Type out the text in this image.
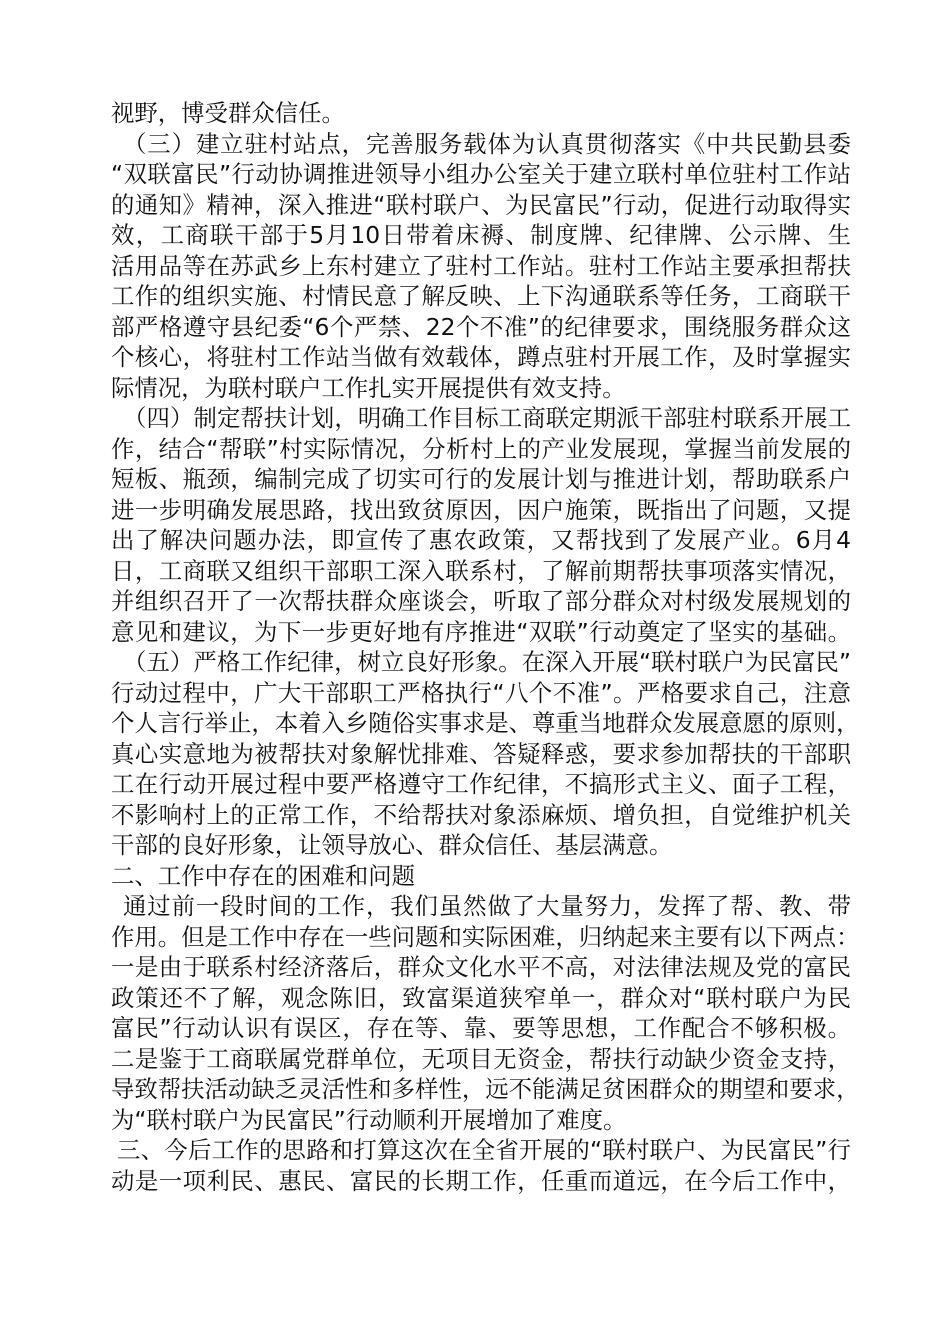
视野，博受群众信任。
（三）建立驻村站点，完善服务载体为认真贯彻落实《中共民勤县委
“双联富民”行动协调推进领导小组办公室关于建立联村单位驻村工作站
的通知》精神，深入推进“联村联户、为民富民”行动，促进行动取得实
效，工商联干部于5月10日带着床褥、制度牌、纪律牌、公示牌、生
活用品等在苏武乡上东村建立了驻村工作站。驻村工作站主要承担帮扶
工作的组织实施、村情民意了解反映、上下沟通联系等任务，工商联干
部严格遵守县纪委“6个严禁、22个不准”的纪律要求，围绕服务群众这
个核心，将驻村工作站当做有效载体，蹲点驻村开展工作，及时掌握实
际情况，为联村联户工作扎实开展提供有效支持。
（四）制定帮扶计划，明确工作目标工商联定期派干部驻村联系开展工
作，结合“帮联”村实际情况，分析村上的产业发展现，掌握当前发展的
短板、瓶颈，编制完成了切实可行的发展计划与推进计划，帮助联系户
进一步明确发展思路，找出致贫原因，因户施策，既指出了问题，又提
出了解决问题办法，即宣传了惠农政策，又帮找到了发展产业。6月4
日，工商联又组织干部职工深入联系村，了解前期帮扶事项落实情况，
并组织召开了一次帮扶群众座谈会，听取了部分群众对村级发展规划的
意见和建议，为下一步更好地有序推进“双联”行动奠定了坚实的基础。
（五）严格工作纪律，树立良好形象。在深入开展“联村联户为民富民”
行动过程中，广大干部职工严格执行“八个不准”。严格要求自己，注意
个人言行举止，本着入乡随俗实事求是、尊重当地群众发展意愿的原则，
真心实意地为被帮扶对象解忧排难、答疑释惑，要求参加帮扶的干部职
工在行动开展过程中要严格遵守工作纪律，不搞形式主义、面子工程，
不影响村上的正常工作，不给帮扶对象添麻烦、增负担，自觉维护机关
干部的良好形象，让领导放心、群众信任、基层满意。
二、工作中存在的困难和问题
通过前一段时间的工作，我们虽然做了大量努力，发挥了帮、教、带
作用。但是工作中存在一些问题和实际困难，归纳起来主要有以下两点：
一是由于联系村经济落后，群众文化水平不高，对法律法规及党的富民
政策还不了解，观念陈旧，致富渠道狭窄单一，群众对“联村联户为民
富民”行动认识有误区，存在等、靠、要等思想，工作配合不够积极。
二是鉴于工商联属党群单位，无项目无资金，帮扶行动缺少资金支持，
导致帮扶活动缺乏灵活性和多样性，远不能满足贫困群众的期望和要求，
为“联村联户为民富民”行动顺利开展增加了难度。
三、今后工作的思路和打算这次在全省开展的“联村联户、为民富民”行
动是一项利民、惠民、富民的长期工作，任重而道远，在今后工作中，
